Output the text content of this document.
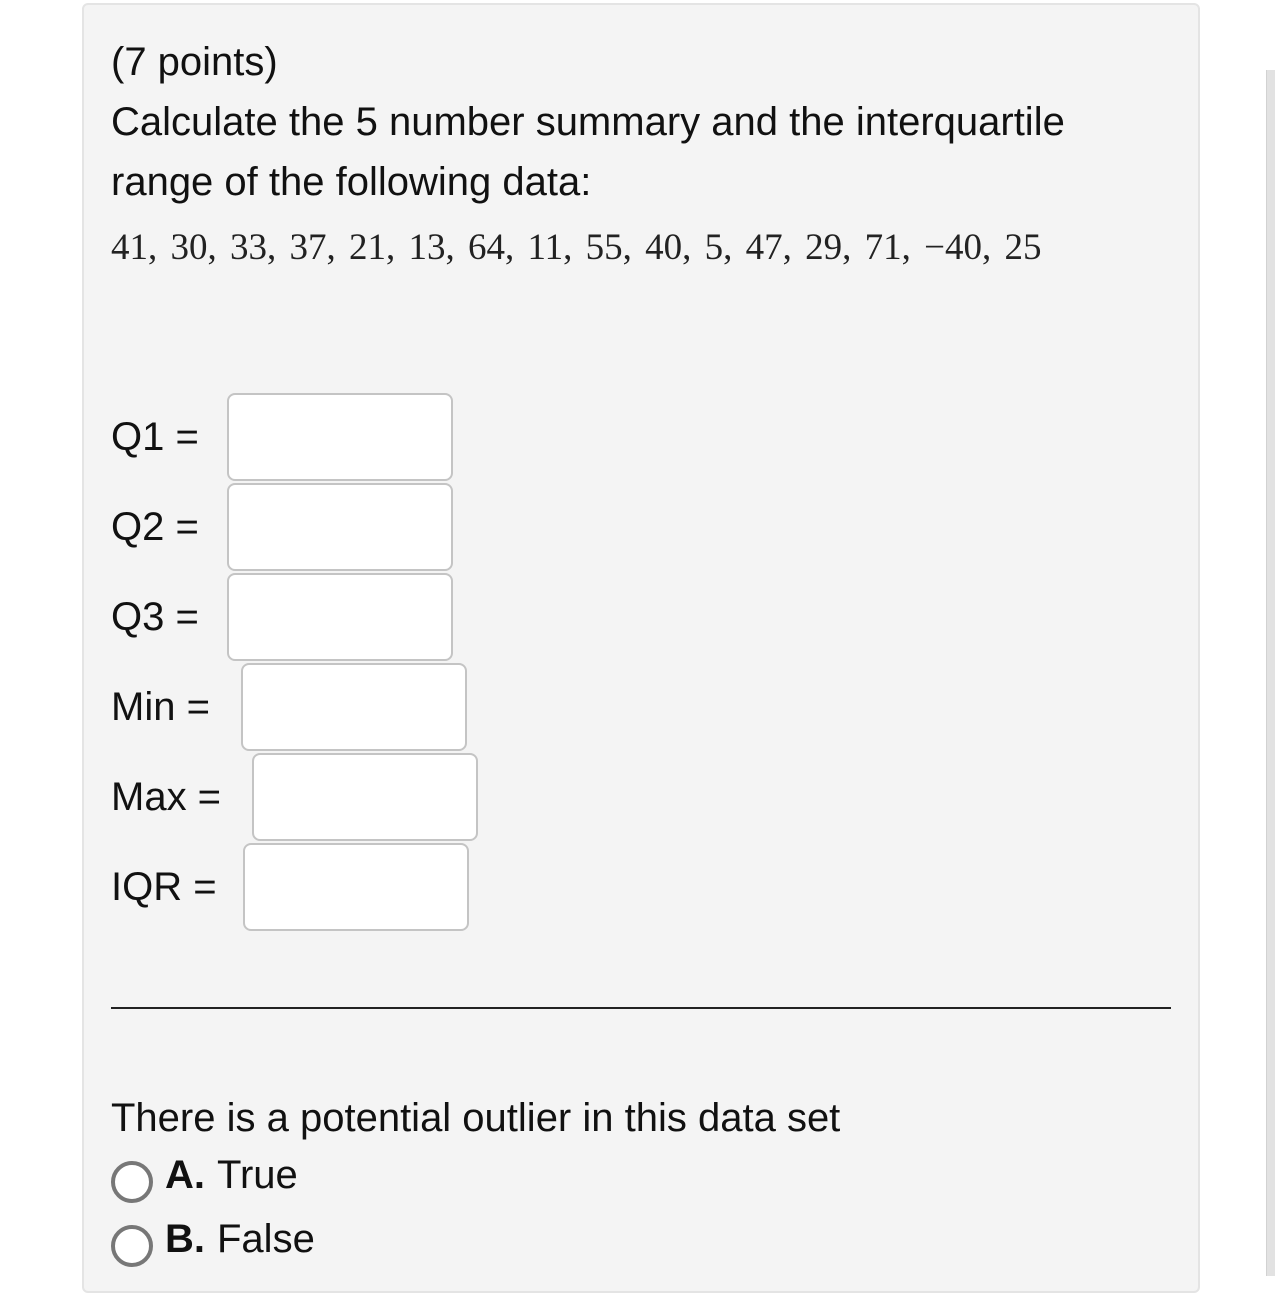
(7 points)
Calculate the 5 number summary and the interquartile
range of the following data:
41, 30, 33, 37, 21, 13, 64, 11, 55, 40, 5, 47, 29, 71, −40, 25
Q1 =
Q2 =
Q3 =
Min =
Max =
IQR =
There is a potential outlier in this data set
A. True
B. False
